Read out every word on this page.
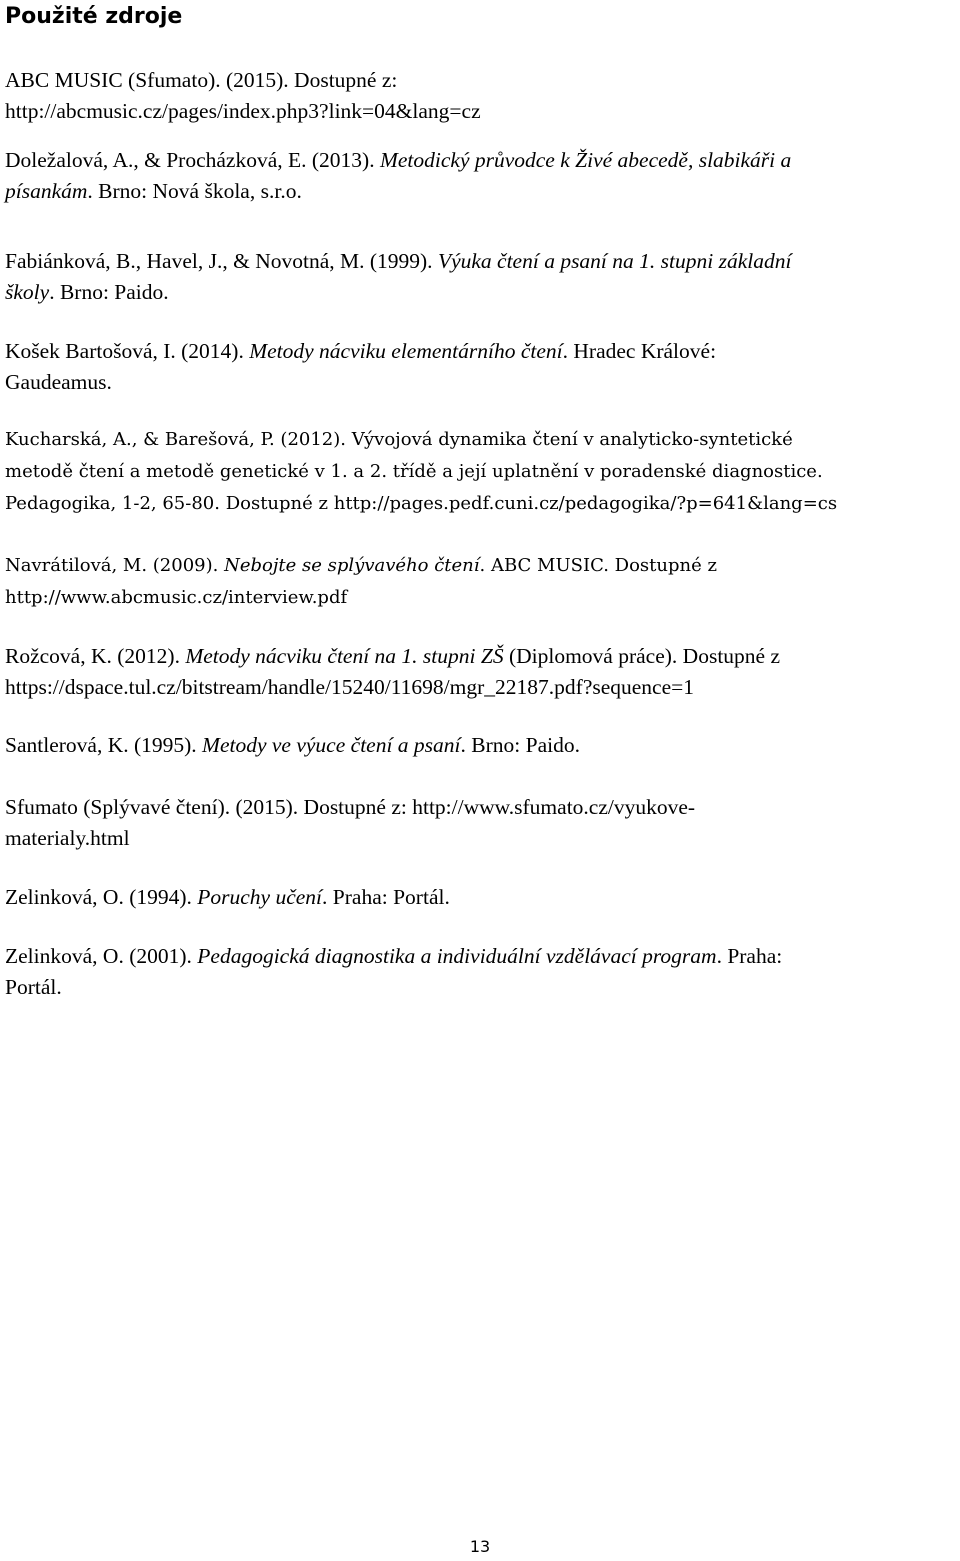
Použité zdroje

ABC MUSIC (Sfumato). (2015). Dostupné z:
http://abcmusic.cz/pages/index.php3?link=04&lang=cz

Doležalová, A., & Procházková, E. (2013). Metodický průvodce k Živé abecedě, slabikáři a
písankám. Brno: Nová škola, s.r.o.

Fabiánková, B., Havel, J., & Novotná, M. (1999). Výuka čtení a psaní na 1. stupni základní
školy. Brno: Paido.

Košek Bartošová, I. (2014). Metody nácviku elementárního čtení. Hradec Králové:
Gaudeamus.

Kucharská, A., & Barešová, P. (2012). Vývojová dynamika čtení v analyticko-syntetické
metodě čtení a metodě genetické v 1. a 2. třídě a její uplatnění v poradenské diagnostice.
Pedagogika, 1-2, 65-80. Dostupné z http://pages.pedf.cuni.cz/pedagogika/?p=641&lang=cs

Navrátilová, M. (2009). Nebojte se splývavého čtení. ABC MUSIC. Dostupné z
http://www.abcmusic.cz/interview.pdf

Rožcová, K. (2012). Metody nácviku čtení na 1. stupni ZŠ (Diplomová práce). Dostupné z
https://dspace.tul.cz/bitstream/handle/15240/11698/mgr_22187.pdf?sequence=1

Santlerová, K. (1995). Metody ve výuce čtení a psaní. Brno: Paido.

Sfumato (Splývavé čtení). (2015). Dostupné z: http://www.sfumato.cz/vyukove-
materialy.html

Zelinková, O. (1994). Poruchy učení. Praha: Portál.

Zelinková, O. (2001). Pedagogická diagnostika a individuální vzdělávací program. Praha:
Portál.

13
